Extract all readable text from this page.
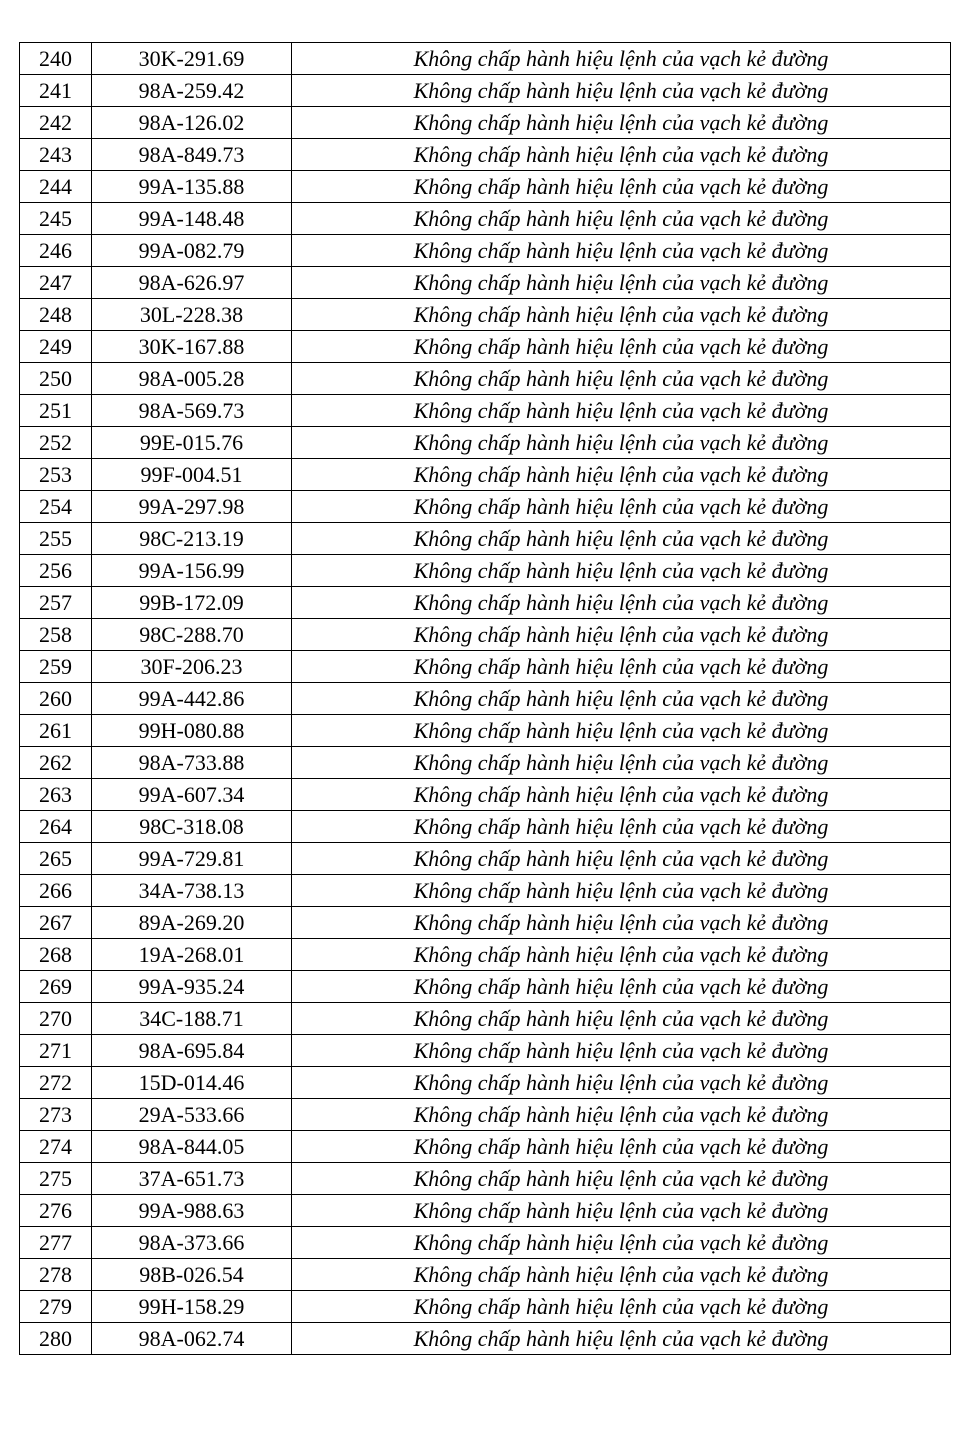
240	30K-291.69	Không chấp hành hiệu lệnh của vạch kẻ đường
241	98A-259.42	Không chấp hành hiệu lệnh của vạch kẻ đường
242	98A-126.02	Không chấp hành hiệu lệnh của vạch kẻ đường
243	98A-849.73	Không chấp hành hiệu lệnh của vạch kẻ đường
244	99A-135.88	Không chấp hành hiệu lệnh của vạch kẻ đường
245	99A-148.48	Không chấp hành hiệu lệnh của vạch kẻ đường
246	99A-082.79	Không chấp hành hiệu lệnh của vạch kẻ đường
247	98A-626.97	Không chấp hành hiệu lệnh của vạch kẻ đường
248	30L-228.38	Không chấp hành hiệu lệnh của vạch kẻ đường
249	30K-167.88	Không chấp hành hiệu lệnh của vạch kẻ đường
250	98A-005.28	Không chấp hành hiệu lệnh của vạch kẻ đường
251	98A-569.73	Không chấp hành hiệu lệnh của vạch kẻ đường
252	99E-015.76	Không chấp hành hiệu lệnh của vạch kẻ đường
253	99F-004.51	Không chấp hành hiệu lệnh của vạch kẻ đường
254	99A-297.98	Không chấp hành hiệu lệnh của vạch kẻ đường
255	98C-213.19	Không chấp hành hiệu lệnh của vạch kẻ đường
256	99A-156.99	Không chấp hành hiệu lệnh của vạch kẻ đường
257	99B-172.09	Không chấp hành hiệu lệnh của vạch kẻ đường
258	98C-288.70	Không chấp hành hiệu lệnh của vạch kẻ đường
259	30F-206.23	Không chấp hành hiệu lệnh của vạch kẻ đường
260	99A-442.86	Không chấp hành hiệu lệnh của vạch kẻ đường
261	99H-080.88	Không chấp hành hiệu lệnh của vạch kẻ đường
262	98A-733.88	Không chấp hành hiệu lệnh của vạch kẻ đường
263	99A-607.34	Không chấp hành hiệu lệnh của vạch kẻ đường
264	98C-318.08	Không chấp hành hiệu lệnh của vạch kẻ đường
265	99A-729.81	Không chấp hành hiệu lệnh của vạch kẻ đường
266	34A-738.13	Không chấp hành hiệu lệnh của vạch kẻ đường
267	89A-269.20	Không chấp hành hiệu lệnh của vạch kẻ đường
268	19A-268.01	Không chấp hành hiệu lệnh của vạch kẻ đường
269	99A-935.24	Không chấp hành hiệu lệnh của vạch kẻ đường
270	34C-188.71	Không chấp hành hiệu lệnh của vạch kẻ đường
271	98A-695.84	Không chấp hành hiệu lệnh của vạch kẻ đường
272	15D-014.46	Không chấp hành hiệu lệnh của vạch kẻ đường
273	29A-533.66	Không chấp hành hiệu lệnh của vạch kẻ đường
274	98A-844.05	Không chấp hành hiệu lệnh của vạch kẻ đường
275	37A-651.73	Không chấp hành hiệu lệnh của vạch kẻ đường
276	99A-988.63	Không chấp hành hiệu lệnh của vạch kẻ đường
277	98A-373.66	Không chấp hành hiệu lệnh của vạch kẻ đường
278	98B-026.54	Không chấp hành hiệu lệnh của vạch kẻ đường
279	99H-158.29	Không chấp hành hiệu lệnh của vạch kẻ đường
280	98A-062.74	Không chấp hành hiệu lệnh của vạch kẻ đường
